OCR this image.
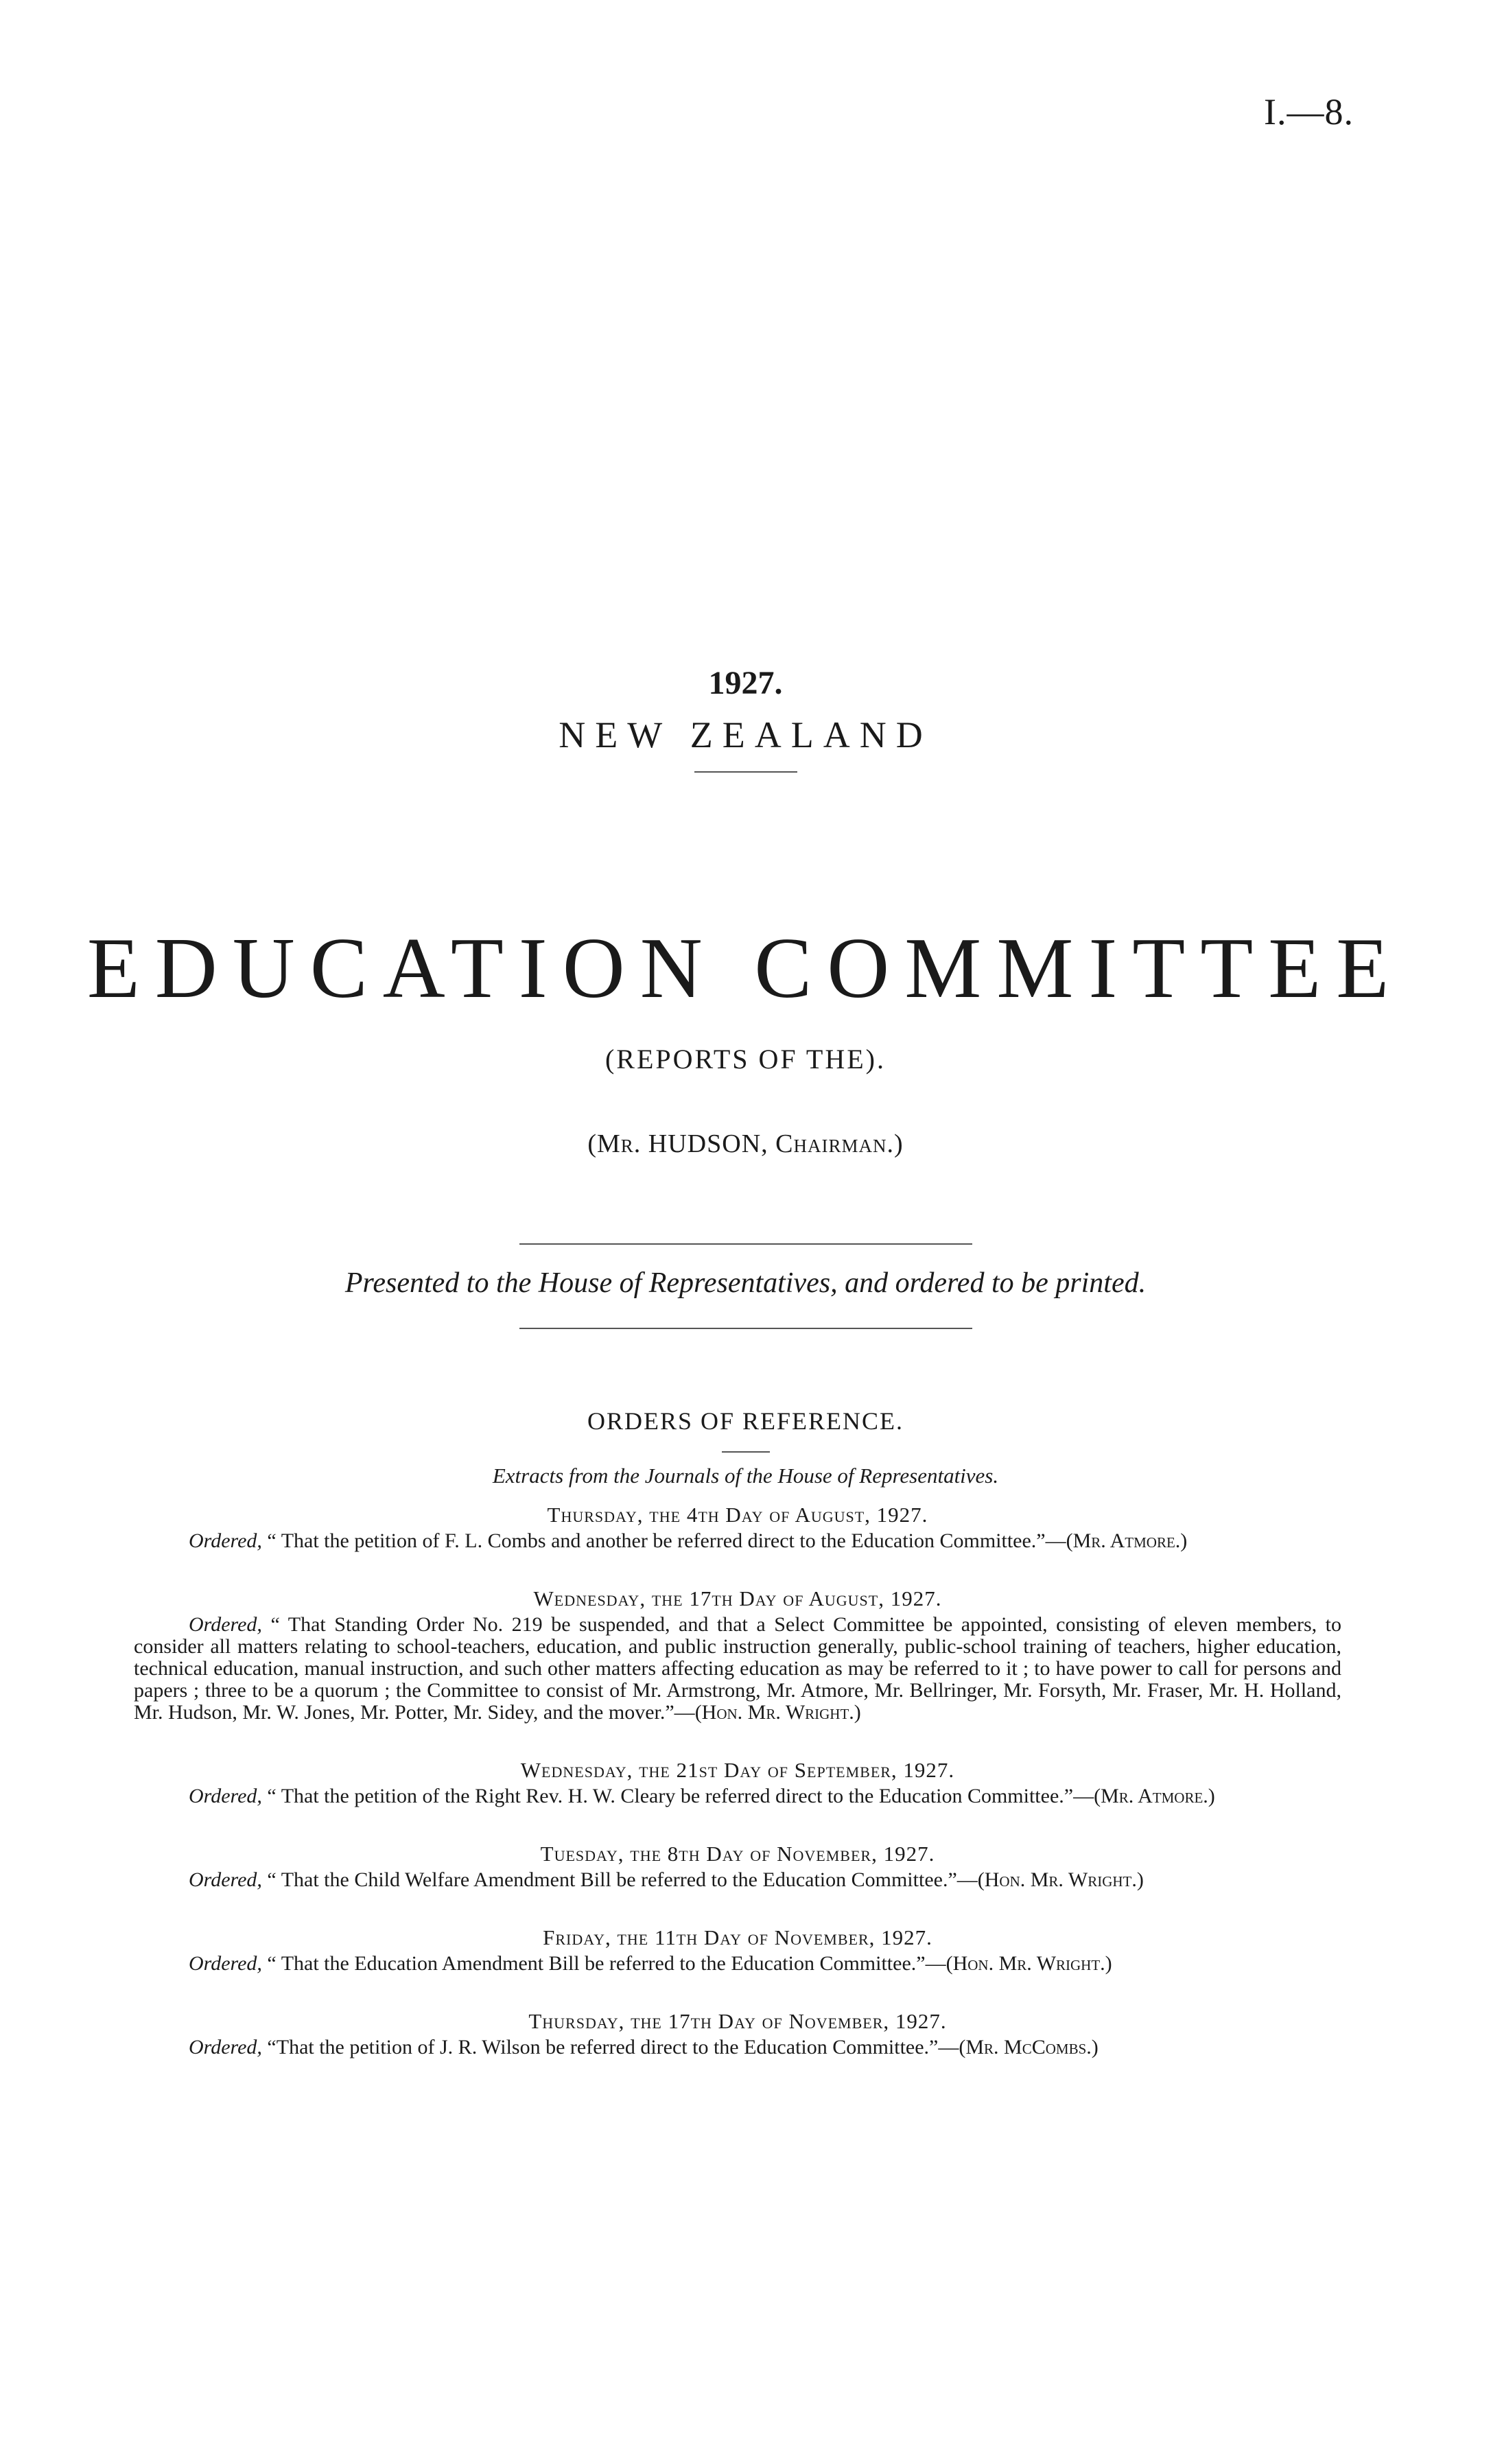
I.—8.
1927.
NEW ZEALAND
EDUCATION COMMITTEE
(REPORTS OF THE).
(Mr. HUDSON, Chairman.)
Presented to the House of Representatives, and ordered to be printed.
ORDERS OF REFERENCE.
Extracts from the Journals of the House of Representatives.
Thursday, the 4th Day of August, 1927.

Ordered, “ That the petition of F. L. Combs and another be referred direct to the Education Committee.”—(Mr. Atmore.)

Wednesday, the 17th Day of August, 1927.

Ordered, “ That Standing Order No. 219 be suspended, and that a Select Committee be appointed, consisting of eleven members, to consider all matters relating to school-teachers, education, and public instruction generally, public-school training of teachers, higher education, technical education, manual instruction, and such other matters affecting education as may be referred to it ; to have power to call for persons and papers ; three to be a quorum ; the Committee to consist of Mr. Armstrong, Mr. Atmore, Mr. Bellringer, Mr. Forsyth, Mr. Fraser, Mr. H. Holland, Mr. Hudson, Mr. W. Jones, Mr. Potter, Mr. Sidey, and the mover.”—(Hon. Mr. Wright.)

Wednesday, the 21st Day of September, 1927.

Ordered, “ That the petition of the Right Rev. H. W. Cleary be referred direct to the Education Committee.”—(Mr. Atmore.)

Tuesday, the 8th Day of November, 1927.

Ordered, “ That the Child Welfare Amendment Bill be referred to the Education Committee.”—(Hon. Mr. Wright.)

Friday, the 11th Day of November, 1927.

Ordered, “ That the Education Amendment Bill be referred to the Education Committee.”—(Hon. Mr. Wright.)

Thursday, the 17th Day of November, 1927.

Ordered, “That the petition of J. R. Wilson be referred direct to the Education Committee.”—(Mr. McCombs.)
